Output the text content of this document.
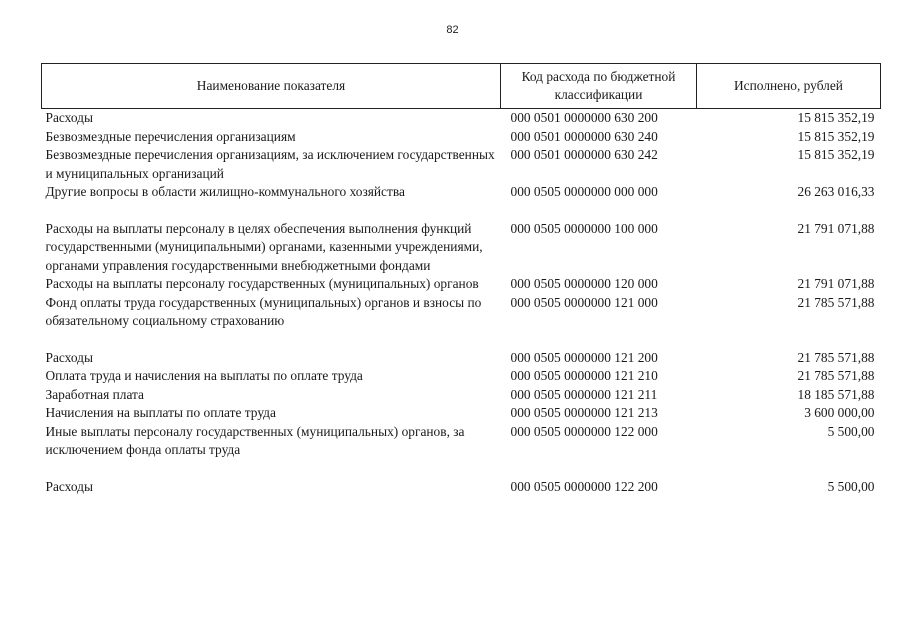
82
Наименование показателя	Код расхода по бюджетной классификации	Исполнено, рублей
Расходы	000 0501 0000000 630 200	15 815 352,19
Безвозмездные перечисления организациям	000 0501 0000000 630 240	15 815 352,19
Безвозмездные перечисления организациям, за исключением государственных и муниципальных организаций	000 0501 0000000 630 242	15 815 352,19
Другие вопросы в области жилищно-коммунального хозяйства	000 0505 0000000 000 000	26 263 016,33
Расходы на выплаты персоналу в целях обеспечения выполнения функций государственными (муниципальными) органами, казенными учреждениями, органами управления государственными внебюджетными фондами	000 0505 0000000 100 000	21 791 071,88
Расходы на выплаты персоналу государственных (муниципальных) органов	000 0505 0000000 120 000	21 791 071,88
Фонд оплаты труда государственных (муниципальных) органов и взносы по обязательному социальному страхованию	000 0505 0000000 121 000	21 785 571,88
Расходы	000 0505 0000000 121 200	21 785 571,88
Оплата труда и начисления на выплаты по оплате труда	000 0505 0000000 121 210	21 785 571,88
Заработная плата	000 0505 0000000 121 211	18 185 571,88
Начисления на выплаты по оплате труда	000 0505 0000000 121 213	3 600 000,00
Иные выплаты персоналу государственных (муниципальных) органов, за исключением фонда оплаты труда	000 0505 0000000 122 000	5 500,00
Расходы	000 0505 0000000 122 200	5 500,00
